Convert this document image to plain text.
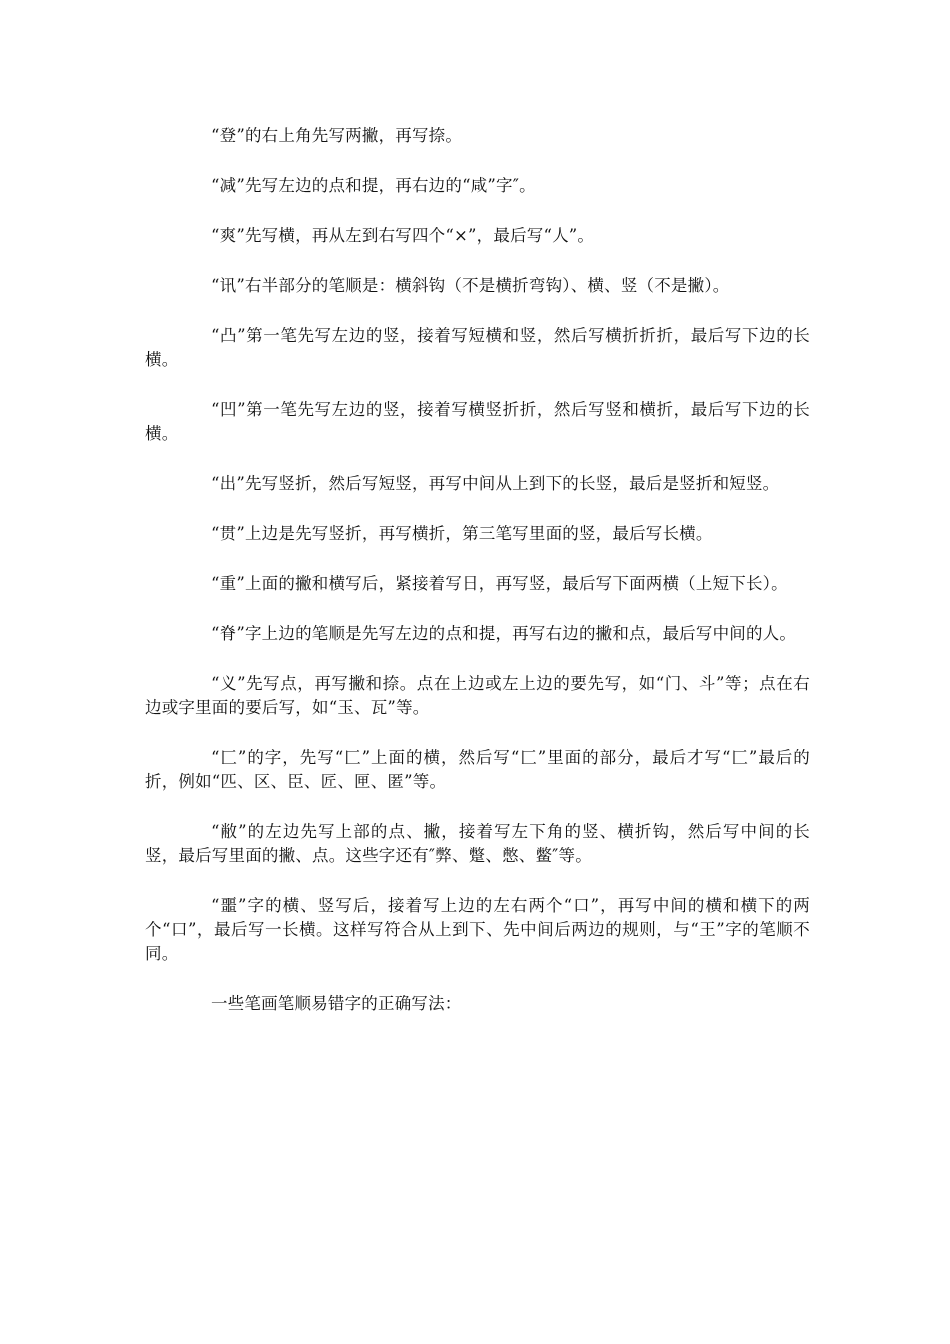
“登”的右上角先写两撇，再写捺。

“减”先写左边的点和提，再右边的“咸”字″。

“爽”先写横，再从左到右写四个“×”，最后写“人”。

“讯”右半部分的笔顺是：横斜钩（不是横折弯钩）、横、竖（不是撇）。

“凸”第一笔先写左边的竖，接着写短横和竖，然后写横折折折，最后写下边的长横。

“凹”第一笔先写左边的竖，接着写横竖折折，然后写竖和横折，最后写下边的长横。

“出”先写竖折，然后写短竖，再写中间从上到下的长竖，最后是竖折和短竖。

“贯”上边是先写竖折，再写横折，第三笔写里面的竖，最后写长横。

“重”上面的撇和横写后，紧接着写日，再写竖，最后写下面两横（上短下长）。

“脊”字上边的笔顺是先写左边的点和提，再写右边的撇和点，最后写中间的人。

“义”先写点，再写撇和捺。点在上边或左上边的要先写，如“门、斗”等；点在右边或字里面的要后写，如“玉、瓦”等。

“匚”的字，先写“匚”上面的横，然后写“匚”里面的部分，最后才写“匚”最后的折，例如“匹、区、臣、匠、匣、匿”等。

“敝”的左边先写上部的点、撇，接着写左下角的竖、横折钩，然后写中间的长竖，最后写里面的撇、点。这些字还有″弊、蹩、憋、鳖″等。

“噩”字的横、竖写后，接着写上边的左右两个“口”，再写中间的横和横下的两个“口”，最后写一长横。这样写符合从上到下、先中间后两边的规则，与“王”字的笔顺不同。

一些笔画笔顺易错字的正确写法：
